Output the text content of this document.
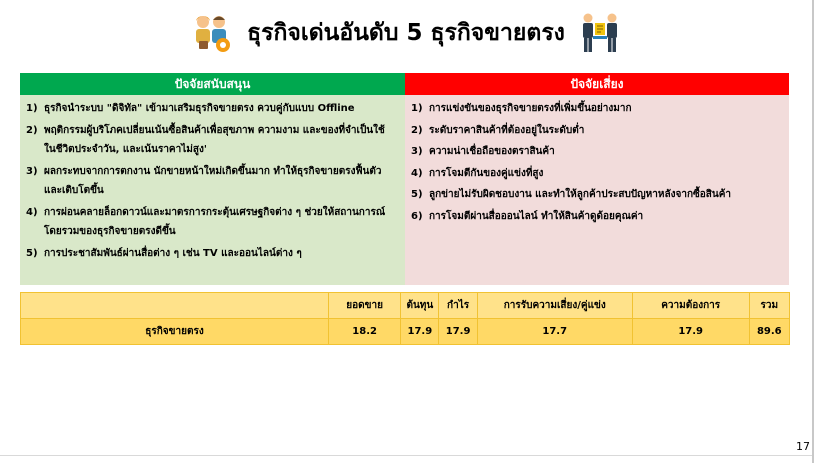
ธุรกิจเด่นอันดับ 5 ธุรกิจขายตรง
ปัจจัยสนับสนุน
1) ธุรกิจนำระบบ "ดิจิทัล" เข้ามาเสริมธุรกิจขายตรง ควบคู่กับแบบ Offline
2) พฤติกรรมผู้บริโภคเปลี่ยนเน้นซื้อสินค้าเพื่อสุขภาพ ความงาม และของที่จำเป็นใช้ในชีวิตประจำวัน, และเน้นราคาไม่สูง'
3) ผลกระทบจากการตกงาน นักขายหน้าใหม่เกิดขึ้นมาก ทำให้ธุรกิจขายตรงฟื้นตัวและเติบโตขึ้น
4) การผ่อนคลายล็อกดาวน์และมาตรการกระตุ้นเศรษฐกิจต่าง ๆ ช่วยให้สถานการณ์โดยรวมของธุรกิจขายตรงดีขึ้น
5) การประชาสัมพันธ์ผ่านสื่อต่าง ๆ เช่น TV และออนไลน์ต่าง ๆ
ปัจจัยเสี่ยง
1) การแข่งขันของธุรกิจขายตรงที่เพิ่มขึ้นอย่างมาก
2) ระดับราคาสินค้าที่ต้องอยู่ในระดับต่ำ
3) ความน่าเชื่อถือของตราสินค้า
4) การโจมตีกันของคู่แข่งที่สูง
5) ลูกข่ายไม่รับผิดชอบงาน และทำให้ลูกค้าประสบปัญหาหลังจากซื้อสินค้า
6) การโจมตีผ่านสื่อออนไลน์ ทำให้สินค้าดูด้อยคุณค่า
	ยอดขาย	ต้นทุน	กำไร	การรับความเสี่ยง/คู่แข่ง	ความต้องการ	รวม
ธุรกิจขายตรง	18.2	17.9	17.9	17.7	17.9	89.6
17
